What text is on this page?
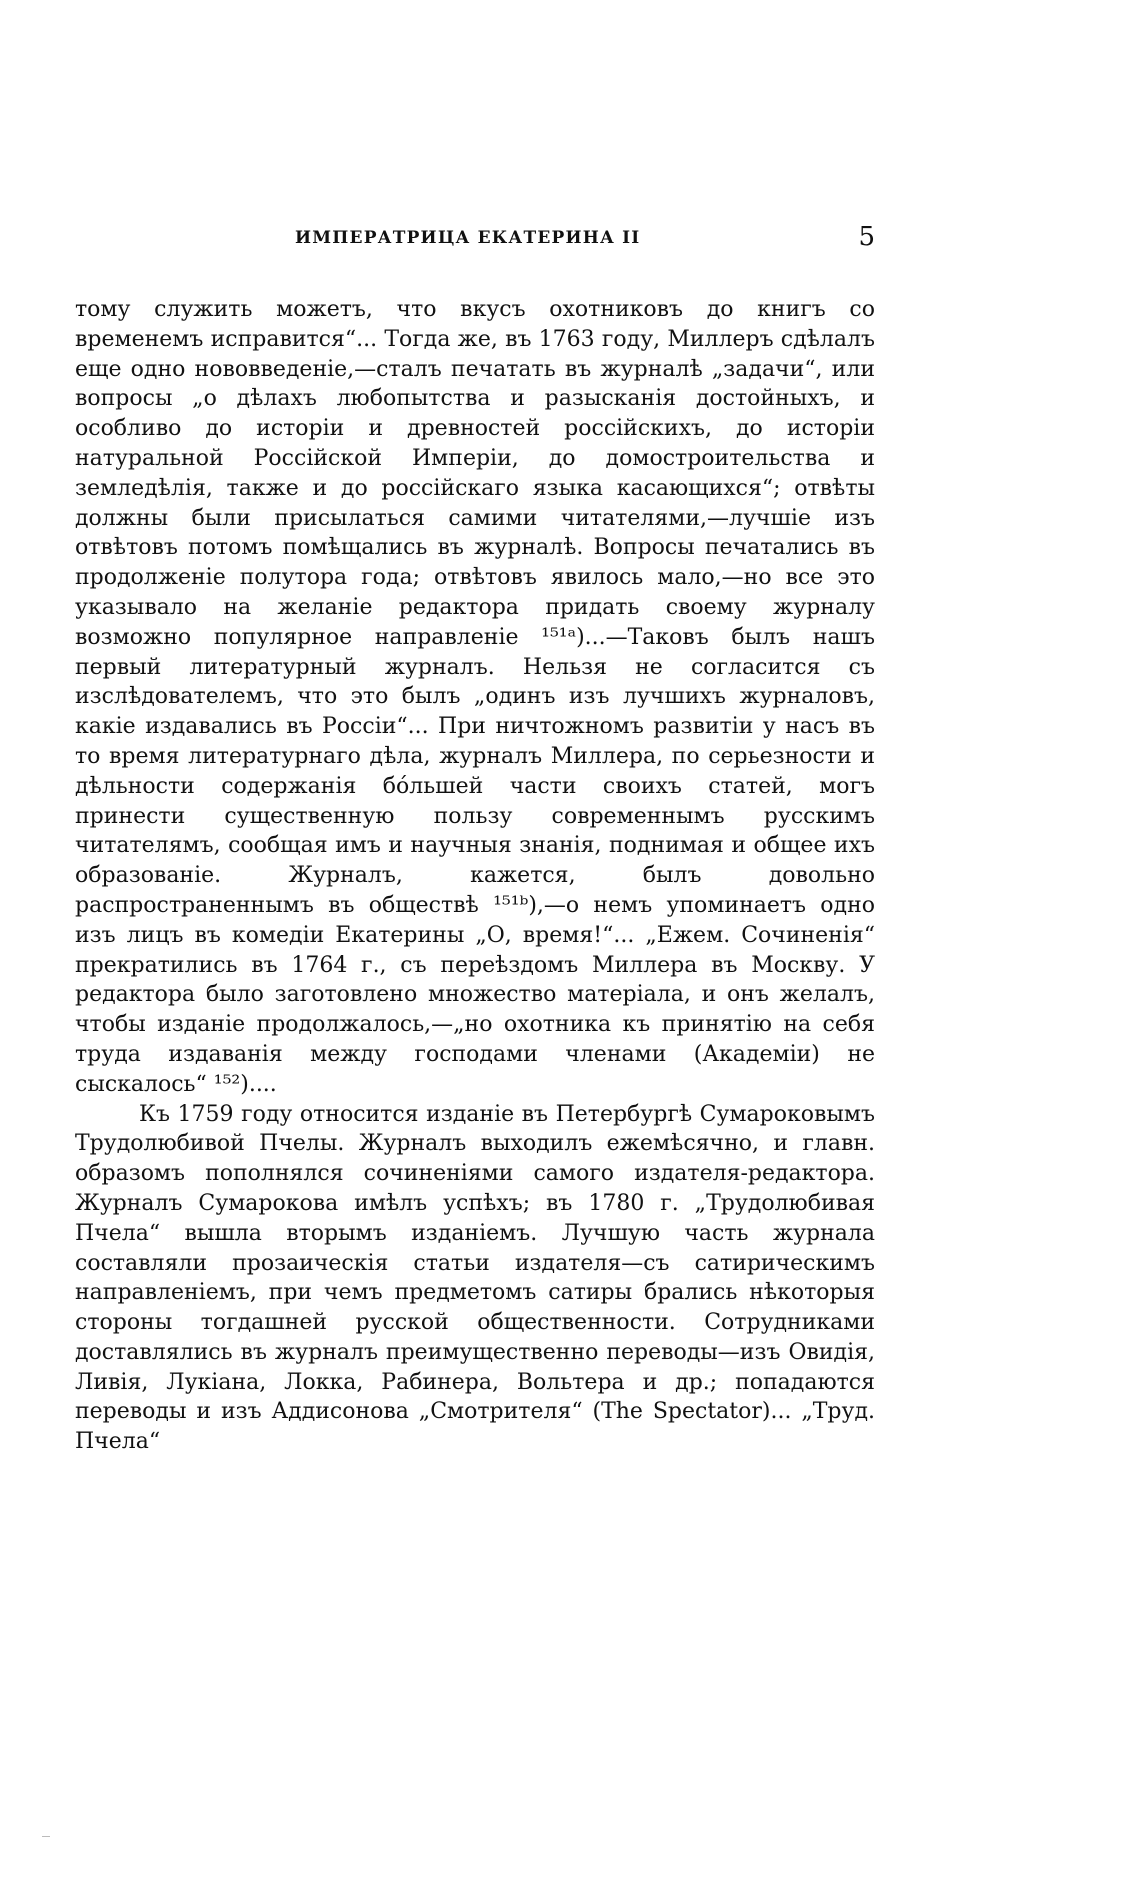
ИМПЕРАТРИЦА ЕКАТЕРИНА II	5

тому служить можетъ, что вкусъ охотниковъ до книгъ со временемъ исправится“... Тогда же, въ 1763 году, Миллеръ сдѣлалъ еще одно нововведеніе,—сталъ печатать въ журналѣ „задачи“, или вопросы „о дѣлахъ любопытства и разысканія достойныхъ, и особливо до исторіи и древностей россійскихъ, до исторіи натуральной Россійской Имперіи, до домостроительства и земледѣлія, также и до россійскаго языка касающихся“; отвѣты должны были присылаться самими читателями,—лучшіе изъ отвѣтовъ потомъ помѣщались въ журналѣ. Вопросы печатались въ продолженіе полутора года; отвѣтовъ явилось мало,—но все это указывало на желаніе редактора придать своему журналу возможно популярное направленіе ¹⁵¹ᵃ)...—Таковъ былъ нашъ первый литературный журналъ. Нельзя не согласится съ изслѣдователемъ, что это былъ „одинъ изъ лучшихъ журналовъ, какіе издавались въ Россіи“... При ничтожномъ развитіи у насъ въ то время литературнаго дѣла, журналъ Миллера, по серьезности и дѣльности содержанія бóльшей части своихъ статей, могъ принести существенную пользу современнымъ русскимъ читателямъ, сообщая имъ и научныя знанія, поднимая и общее ихъ образованіе. Журналъ, кажется, былъ довольно распространеннымъ въ обществѣ ¹⁵¹ᵇ),—о немъ упоминаетъ одно изъ лицъ въ комедіи Екатерины „О, время!“... „Ежем. Сочиненія“ прекратились въ 1764 г., съ переѣздомъ Миллера въ Москву. У редактора было заготовлено множество матеріала, и онъ желалъ, чтобы изданіе продолжалось,—„но охотника къ принятію на себя труда издаванія между господами членами (Академіи) не сыскалось“ ¹⁵²)....

Къ 1759 году относится изданіе въ Петербургѣ Сумароковымъ Трудолюбивой Пчелы. Журналъ выходилъ ежемѣсячно, и главн. образомъ пополнялся сочиненіями самого издателя-редактора. Журналъ Сумарокова имѣлъ успѣхъ; въ 1780 г. „Трудолюбивая Пчела“ вышла вторымъ изданіемъ. Лучшую часть журнала составляли прозаическія статьи издателя—съ сатирическимъ направленіемъ, при чемъ предметомъ сатиры брались нѣкоторыя стороны тогдашней русской общественности. Сотрудниками доставлялись въ журналъ преимущественно переводы—изъ Овидія, Ливія, Лукіана, Локка, Рабинера, Вольтера и др.; попадаются переводы и изъ Аддисонова „Смотрителя“ (The Spectator)... „Труд. Пчела“
